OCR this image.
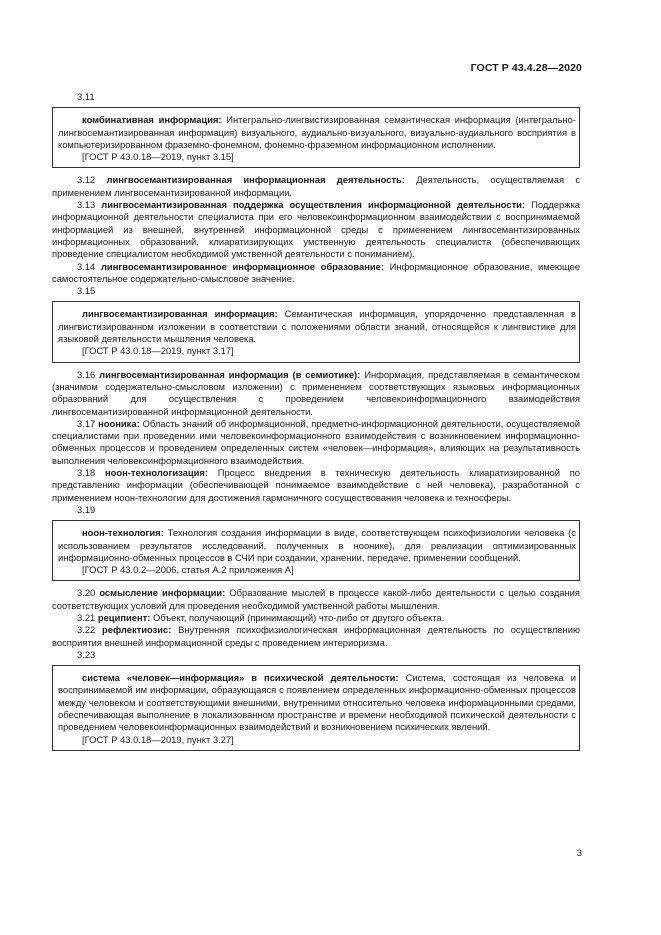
ГОСТ Р 43.4.28—2020

3.11

комбинативная информация: Интегрально-лингвистизированная семантическая информация (интегрально-лингвосемантизированная информация) визуального, аудиально-визуального, визуально-аудиального восприятия в компьютеризированном фраземно-фонемном, фонемно-фраземном информационном исполнении.

[ГОСТ Р 43.0.18—2019, пункт 3.15]

3.12 лингвосемантизированная информационная деятельность: Деятельность, осуществляемая с применением лингвосемантизированной информации.

3.13 лингвосемантизированная поддержка осуществления информационной деятельности: Поддержка информационной деятельности специалиста при его человекоинформационном взаимодействии с воспринимаемой информацией из внешней, внутренней информационной среды с применением лингвосемантизированных информационных образований, клиаратизирующих умственную деятельность специалиста (обеспечивающих проведение специалистом необходимой умственной деятельности с пониманием).

3.14 лингвосемантизированное информационное образование: Информационное образование, имеющее самостоятельное содержательно-смысловое значение.

3.15

лингвосемантизированная информация: Семантическая информация, упорядоченно представленная в лингвистизированном изложении в соответствии с положениями области знаний, относящейся к лингвистике для языковой деятельности мышления человека.

[ГОСТ Р 43.0.18—2019, пункт 3.17]

3.16 лингвосемантизированная информация (в семиотике): Информация, представляемая в семантическом (значимом содержательно-смысловом изложении) с применением соответствующих языковых информационных образований для осуществления с проведением человекоинформационного взаимодействия лингвосемантизированной информационной деятельности.

3.17 нооника: Область знаний об информационной, предметно-информационной деятельности, осуществляемой специалистами при проведении ими человекоинформационного взаимодействия с возникновением информационно-обменных процессов и проведением определенных систем «человек—информация», влияющих на результативность выполнения человекоинформационного взаимодействия.

3.18 ноон-технологизация: Процесс внедрения в техническую деятельность клиаратизированной по представлению информации (обеспечивающей понимаемое взаимодействие с ней человека), разработанной с применением ноон-технологии для достижения гармоничного сосуществования человека и техносферы.

3.19

ноон-технология: Технология создания информации в виде, соответствующем психофизиологии человека (с использованием результатов исследований, полученных в ноонике), для реализации оптимизированных информационно-обменных процессов в СЧИ при создании, хранении, передаче, применении сообщений.

[ГОСТ Р 43.0.2—2006, статья А.2 приложения А]

3.20 осмысление информации: Образование мыслей в процессе какой-либо деятельности с целью создания соответствующих условий для проведения необходимой умственной работы мышления.

3.21 реципиент: Объект, получающий (принимающий) что-либо от другого объекта.

3.22 рефлектиозис: Внутренняя психофизиологическая информационная деятельность по осуществлению восприятия внешней информационной среды с проведением интериоризма.

3.23

система «человек—информация» в психической деятельности: Система, состоящая из человека и воспринимаемой им информации, образующаяся с появлением определенных информационно-обменных процессов между человеком и соответствующими внешними, внутренними относительно человека информационными средами, обеспечивающая выполнение в локализованном пространстве и времени необходимой психической деятельности с проведением человекоинформационных взаимодействий и возникновением психических явлений.

[ГОСТ Р 43.0.18—2019, пункт 3.27]

3
